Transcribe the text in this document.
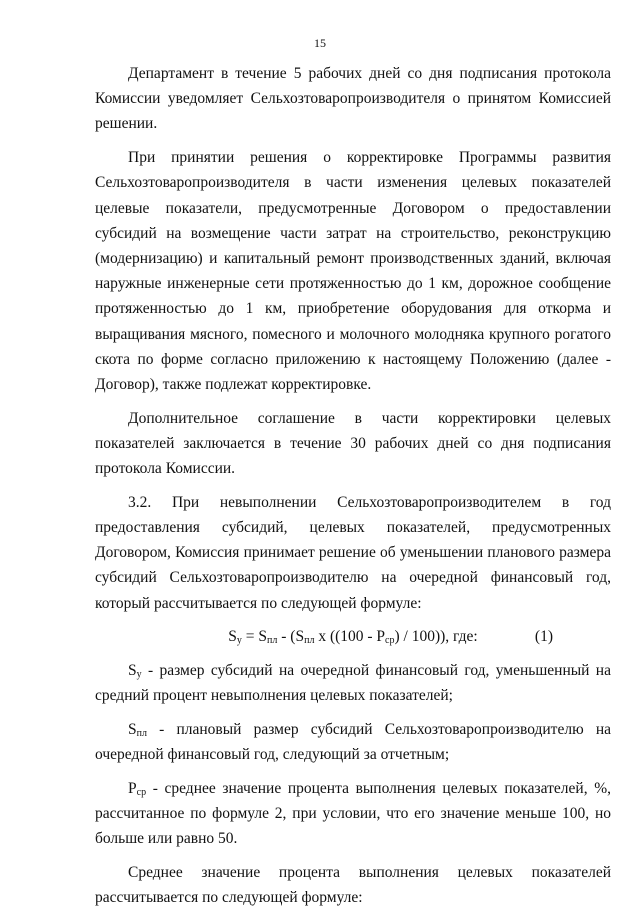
15

Департамент в течение 5 рабочих дней со дня подписания протокола Комиссии уведомляет Сельхозтоваропроизводителя о принятом Комиссией решении.

При принятии решения о корректировке Программы развития Сельхозтоваропроизводителя в части изменения целевых показателей целевые показатели, предусмотренные Договором о предоставлении субсидий на возмещение части затрат на строительство, реконструкцию (модернизацию) и капитальный ремонт производственных зданий, включая наружные инженерные сети протяженностью до 1 км, дорожное сообщение протяженностью до 1 км, приобретение оборудования для откорма и выращивания мясного, помесного и молочного молодняка крупного рогатого скота по форме согласно приложению к настоящему Положению (далее - Договор), также подлежат корректировке.

Дополнительное соглашение в части корректировки целевых показателей заключается в течение 30 рабочих дней со дня подписания протокола Комиссии.

3.2. При невыполнении Сельхозтоваропроизводителем в год предоставления субсидий, целевых показателей, предусмотренных Договором, Комиссия принимает решение об уменьшении планового размера субсидий Сельхозтоваропроизводителю на очередной финансовый год, который рассчитывается по следующей формуле:

$S_у = S_{пл} - (S_{пл}$ x $((100 - P_{ср}) / 100)$), где:	(1)

$S_у$ - размер субсидий на очередной финансовый год, уменьшенный на средний процент невыполнения целевых показателей;

$S_{пл}$ - плановый размер субсидий Сельхозтоваропроизводителю на очередной финансовый год, следующий за отчетным;

$P_{ср}$ - среднее значение процента выполнения целевых показателей, %, рассчитанное по формуле 2, при условии, что его значение меньше 100, но больше или равно 50.

Среднее значение процента выполнения целевых показателей рассчитывается по следующей формуле:
